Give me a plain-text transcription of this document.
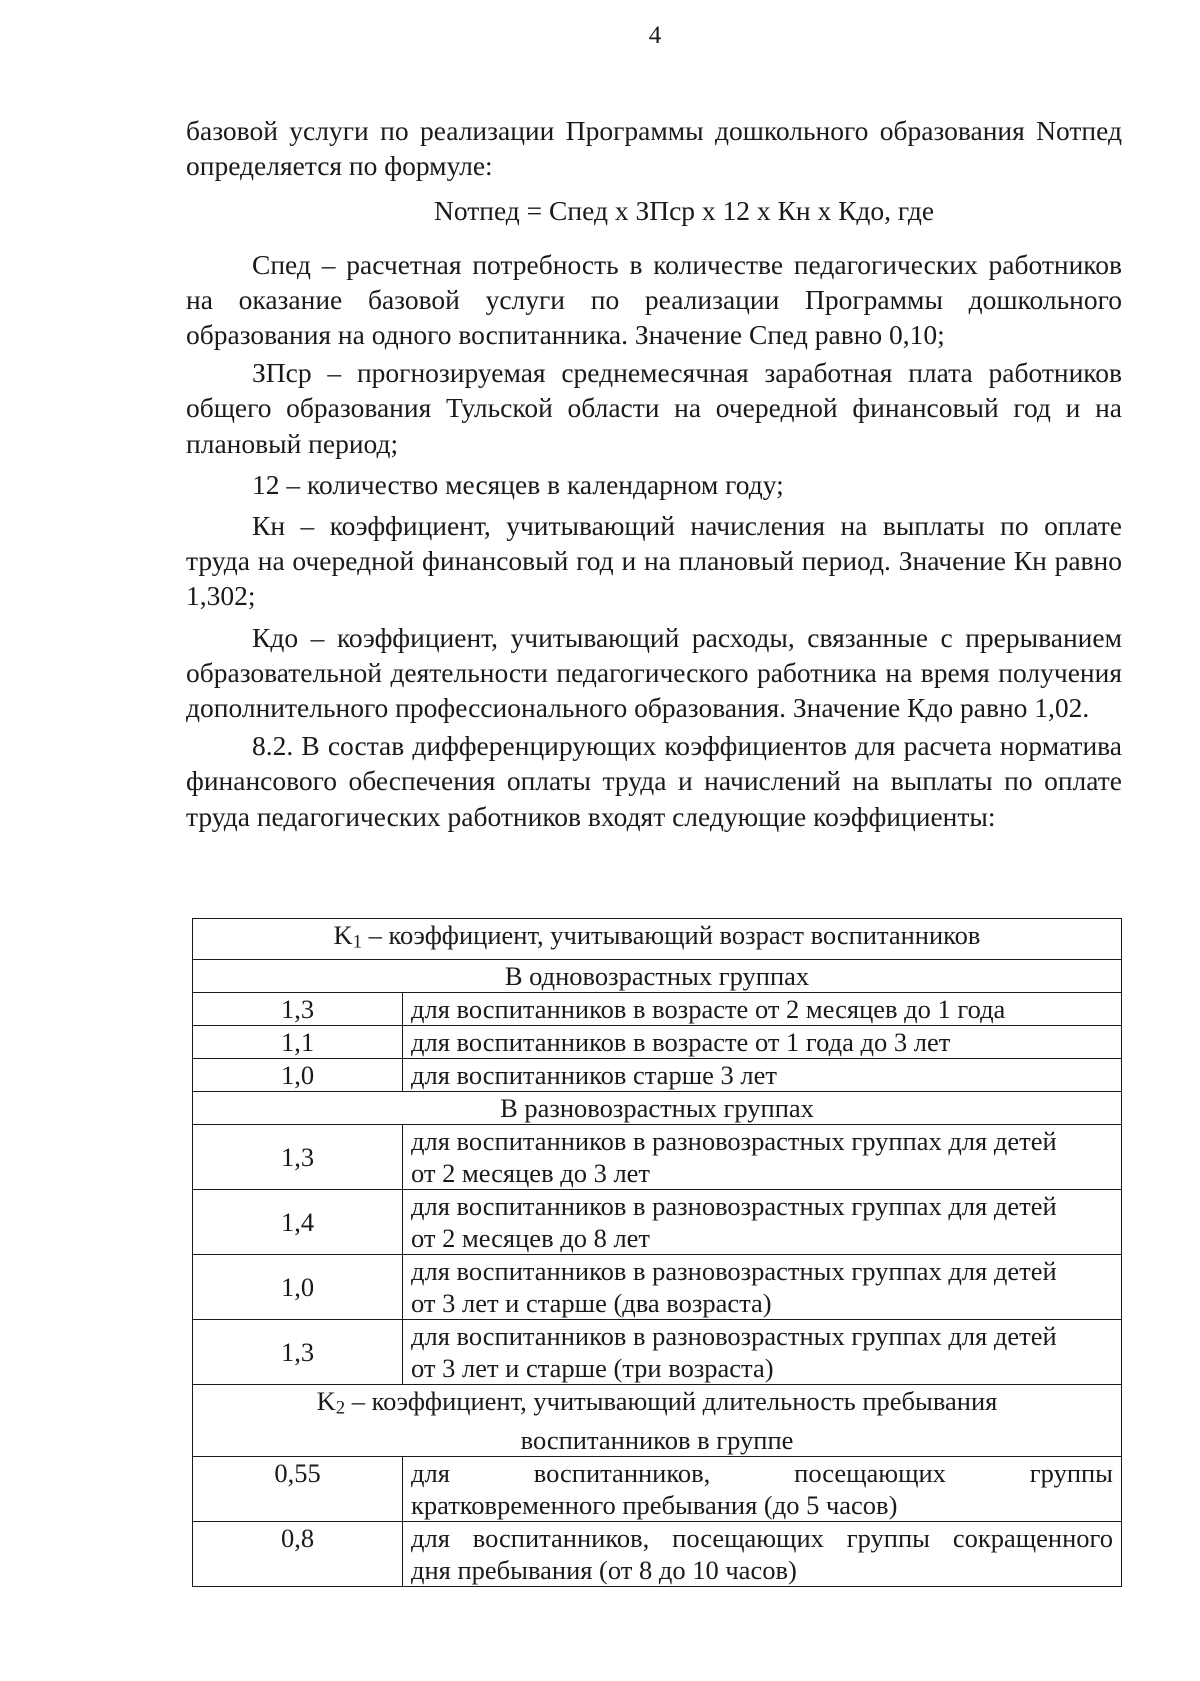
4

базовой услуги по реализации Программы дошкольного образования Nотпед

определяется по формуле:

Nотпед = Спед х ЗПср х 12 х Кн х Кдо, где

Спед – расчетная потребность в количестве педагогических работников на оказание базовой услуги по реализации Программы дошкольного образования на одного воспитанника. Значение Спед равно 0,10;

ЗПср – прогнозируемая среднемесячная заработная плата работников общего образования Тульской области на очередной финансовый год и на плановый период;

12 – количество месяцев в календарном году;

Кн – коэффициент, учитывающий начисления на выплаты по оплате труда на очередной финансовый год и на плановый период. Значение Кн равно 1,302;

Кдо – коэффициент, учитывающий расходы, связанные с прерыванием образовательной деятельности педагогического работника на время получения дополнительного профессионального образования. Значение Кдо равно 1,02.

8.2. В состав дифференцирующих коэффициентов для расчета норматива финансового обеспечения оплаты труда и начислений на выплаты по оплате труда педагогических работников входят следующие коэффициенты:

$K_1$ – коэффициент, учитывающий возраст воспитанников	
В одновозрастных группах	
1,3	для воспитанников в возрасте от 2 месяцев до 1 года
1,1	для воспитанников в возрасте от 1 года до 3 лет
1,0	для воспитанников старше 3 лет
В разновозрастных группах	
1,3	для воспитанников в разновозрастных группах для детей
от 2 месяцев до 3 лет
1,4	для воспитанников в разновозрастных группах для детей
от 2 месяцев до 8 лет
1,0	для воспитанников в разновозрастных группах для детей
от 3 лет и старше (два возраста)
1,3	для воспитанников в разновозрастных группах для детей
от 3 лет и старше (три возраста)
$K_2$ – коэффициент, учитывающий длительность пребывания
воспитанников в группе	
0,55	для воспитанников, посещающих группы
кратковременного пребывания (до 5 часов)
0,8	для воспитанников, посещающих группы сокращенного
дня пребывания (от 8 до 10 часов)
